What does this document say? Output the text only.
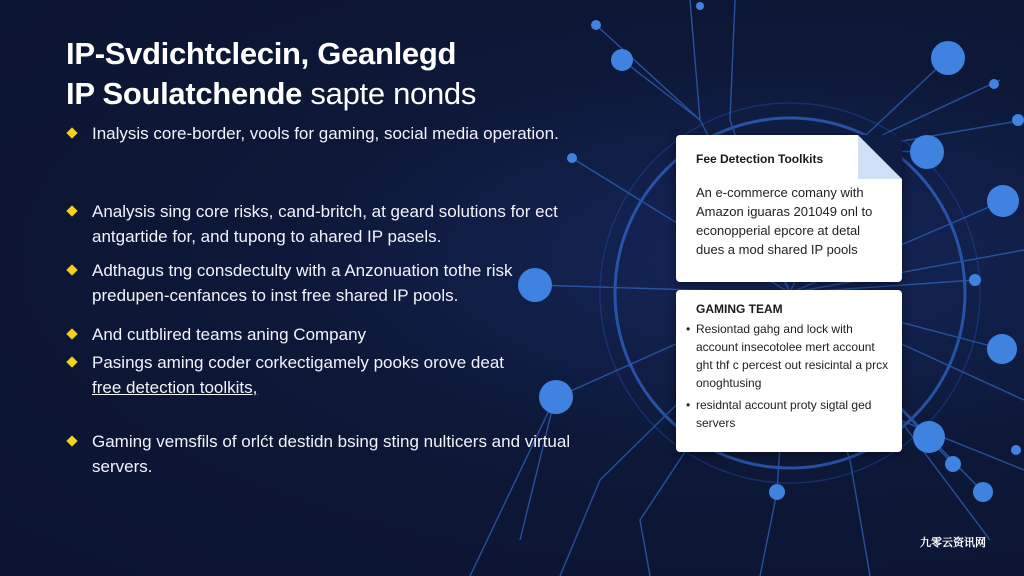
IP-Svdichtclecin, Geanlegd
IP Soulatchende sapte nonds
Inalysis core-border, vools for gaming, social media operation.
Analysis sing core risks, cand-britch, at geard solutions for ect antgartide for, and tupong to ahared IP pasels.
Adthagus tng consdectulty with a Anzonuation tothe risk predupen-cenfances to inst free shared IP pools.
And cutblired teams aning Company
Pasings aming coder corkectigamely pooks orove deat
free detection toolkits,
Gaming vemsfils of orlćt destidn bsing sting nulticers and virtual servers.
Fee Detection Toolkits
An e-commerce comany with Amazon iguaras 201049 onl to econopperial epcore at detal dues a mod shared IP pools
GAMING TEAM
• Resiontad gahg and lock with account insecotolee mert account ght thf c percest out resicintal a prcx onoghtusing
• residntal account proty sigtal ged servers
九零云资讯网
